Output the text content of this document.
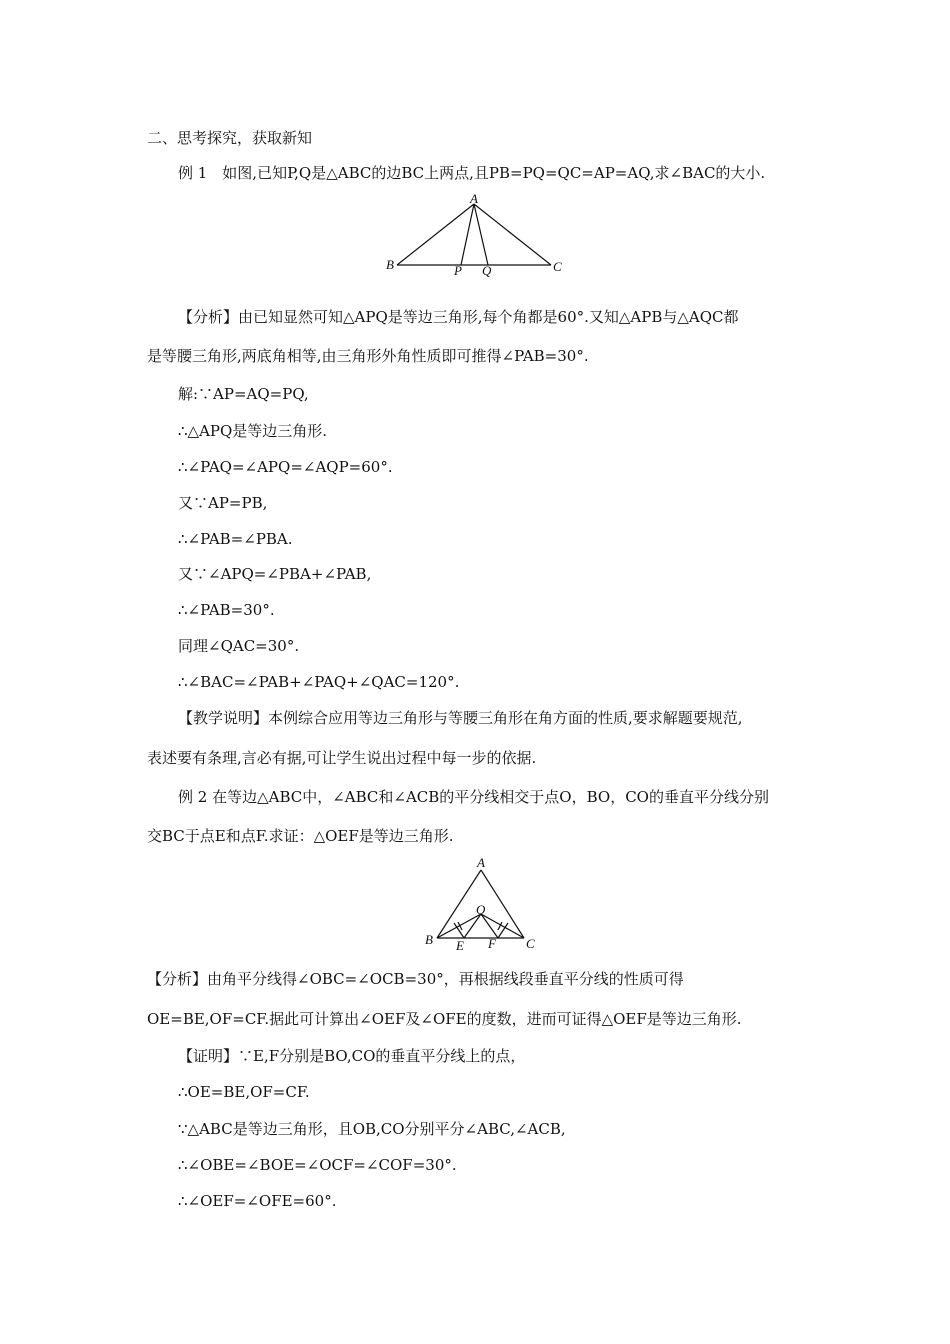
二、思考探究，获取新知
例 1　如图,已知P,Q是△ABC的边BC上两点,且PB=PQ=QC=AP=AQ,求∠BAC的大小.
A
B	C
P Q
【分析】由已知显然可知△APQ是等边三角形,每个角都是60°.又知△APB与△AQC都
是等腰三角形,两底角相等,由三角形外角性质即可推得∠PAB=30°.
解:∵AP=AQ=PQ,
∴△APQ是等边三角形.
∴∠PAQ=∠APQ=∠AQP=60°.
又∵AP=PB,
∴∠PAB=∠PBA.
又∵∠APQ=∠PBA+∠PAB,
∴∠PAB=30°.
同理∠QAC=30°.
∴∠BAC=∠PAB+∠PAQ+∠QAC=120°.
【教学说明】本例综合应用等边三角形与等腰三角形在角方面的性质,要求解题要规范,
表述要有条理,言必有据,可让学生说出过程中每一步的依据.
例 2 在等边△ABC中，∠ABC和∠ACB的平分线相交于点O，BO，CO的垂直平分线分别
交BC于点E和点F.求证：△OEF是等边三角形.
A
B	C
O
E F
【分析】由角平分线得∠OBC=∠OCB=30°，再根据线段垂直平分线的性质可得
OE=BE,OF=CF.据此可计算出∠OEF及∠OFE的度数，进而可证得△OEF是等边三角形.
【证明】∵E,F分别是BO,CO的垂直平分线上的点，
∴OE=BE,OF=CF.
∵△ABC是等边三角形，且OB,CO分别平分∠ABC,∠ACB,
∴∠OBE=∠BOE=∠OCF=∠COF=30°.
∴∠OEF=∠OFE=60°.
